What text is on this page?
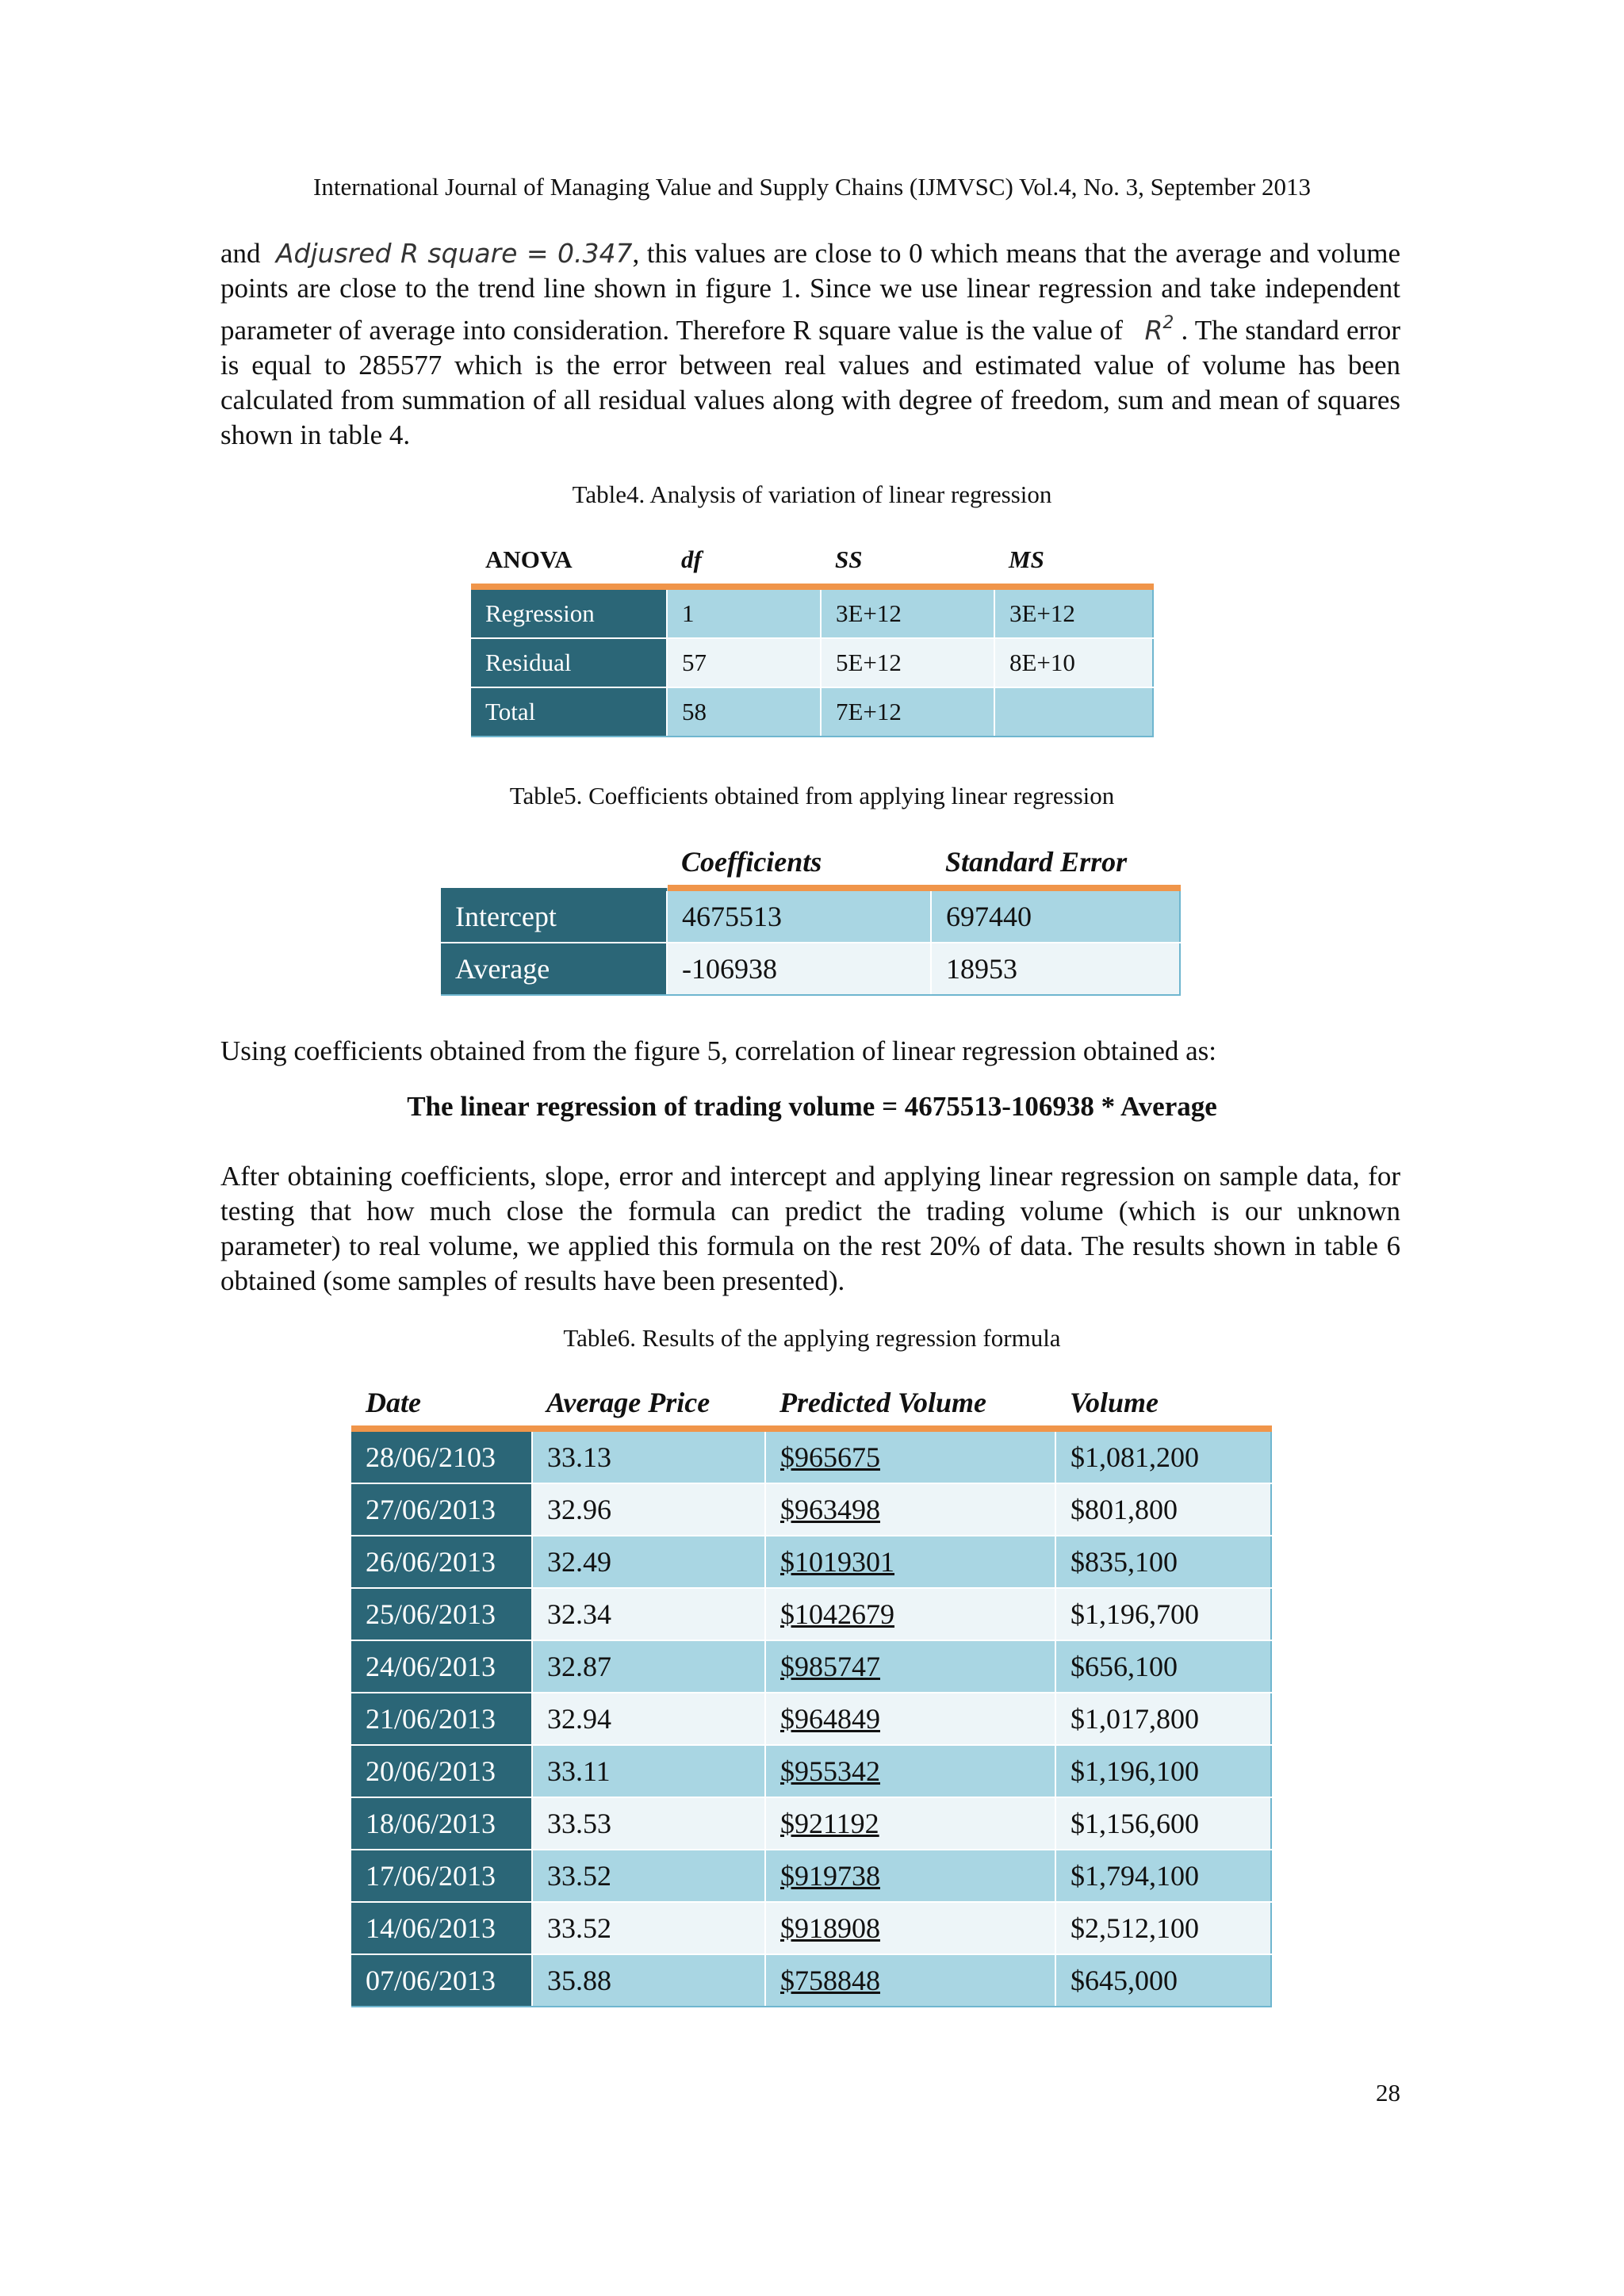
International Journal of Managing Value and Supply Chains (IJMVSC) Vol.4, No. 3, September 2013

and Adjusred R square = 0.347, this values are close to 0 which means that the average and volume points are close to the trend line shown in figure 1. Since we use linear regression and take independent parameter of average into consideration. Therefore R square value is the value of $R^2$ . The standard error is equal to 285577 which is the error between real values and estimated value of volume has been calculated from summation of all residual values along with degree of freedom, sum and mean of squares shown in table 4.

Table4. Analysis of variation of linear regression
ANOVA	df	SS	MS
Regression	1	3E+12	3E+12
Residual	57	5E+12	8E+10
Total	58	7E+12	
Table5. Coefficients obtained from applying linear regression
	Coefficients	Standard Error
Intercept	4675513	697440
Average	-106938	18953
Using coefficients obtained from the figure 5, correlation of linear regression obtained as:
The linear regression of trading volume = 4675513-106938 * Average
After obtaining coefficients, slope, error and intercept and applying linear regression on sample data, for testing that how much close the formula can predict the trading volume (which is our unknown parameter) to real volume, we applied this formula on the rest 20% of data. The results shown in table 6 obtained (some samples of results have been presented).
Table6. Results of the applying regression formula
Date	Average Price	Predicted Volume	Volume
28/06/2103	33.13	$965675	$1,081,200
27/06/2013	32.96	$963498	$801,800
26/06/2013	32.49	$1019301	$835,100
25/06/2013	32.34	$1042679	$1,196,700
24/06/2013	32.87	$985747	$656,100
21/06/2013	32.94	$964849	$1,017,800
20/06/2013	33.11	$955342	$1,196,100
18/06/2013	33.53	$921192	$1,156,600
17/06/2013	33.52	$919738	$1,794,100
14/06/2013	33.52	$918908	$2,512,100
07/06/2013	35.88	$758848	$645,000
28
